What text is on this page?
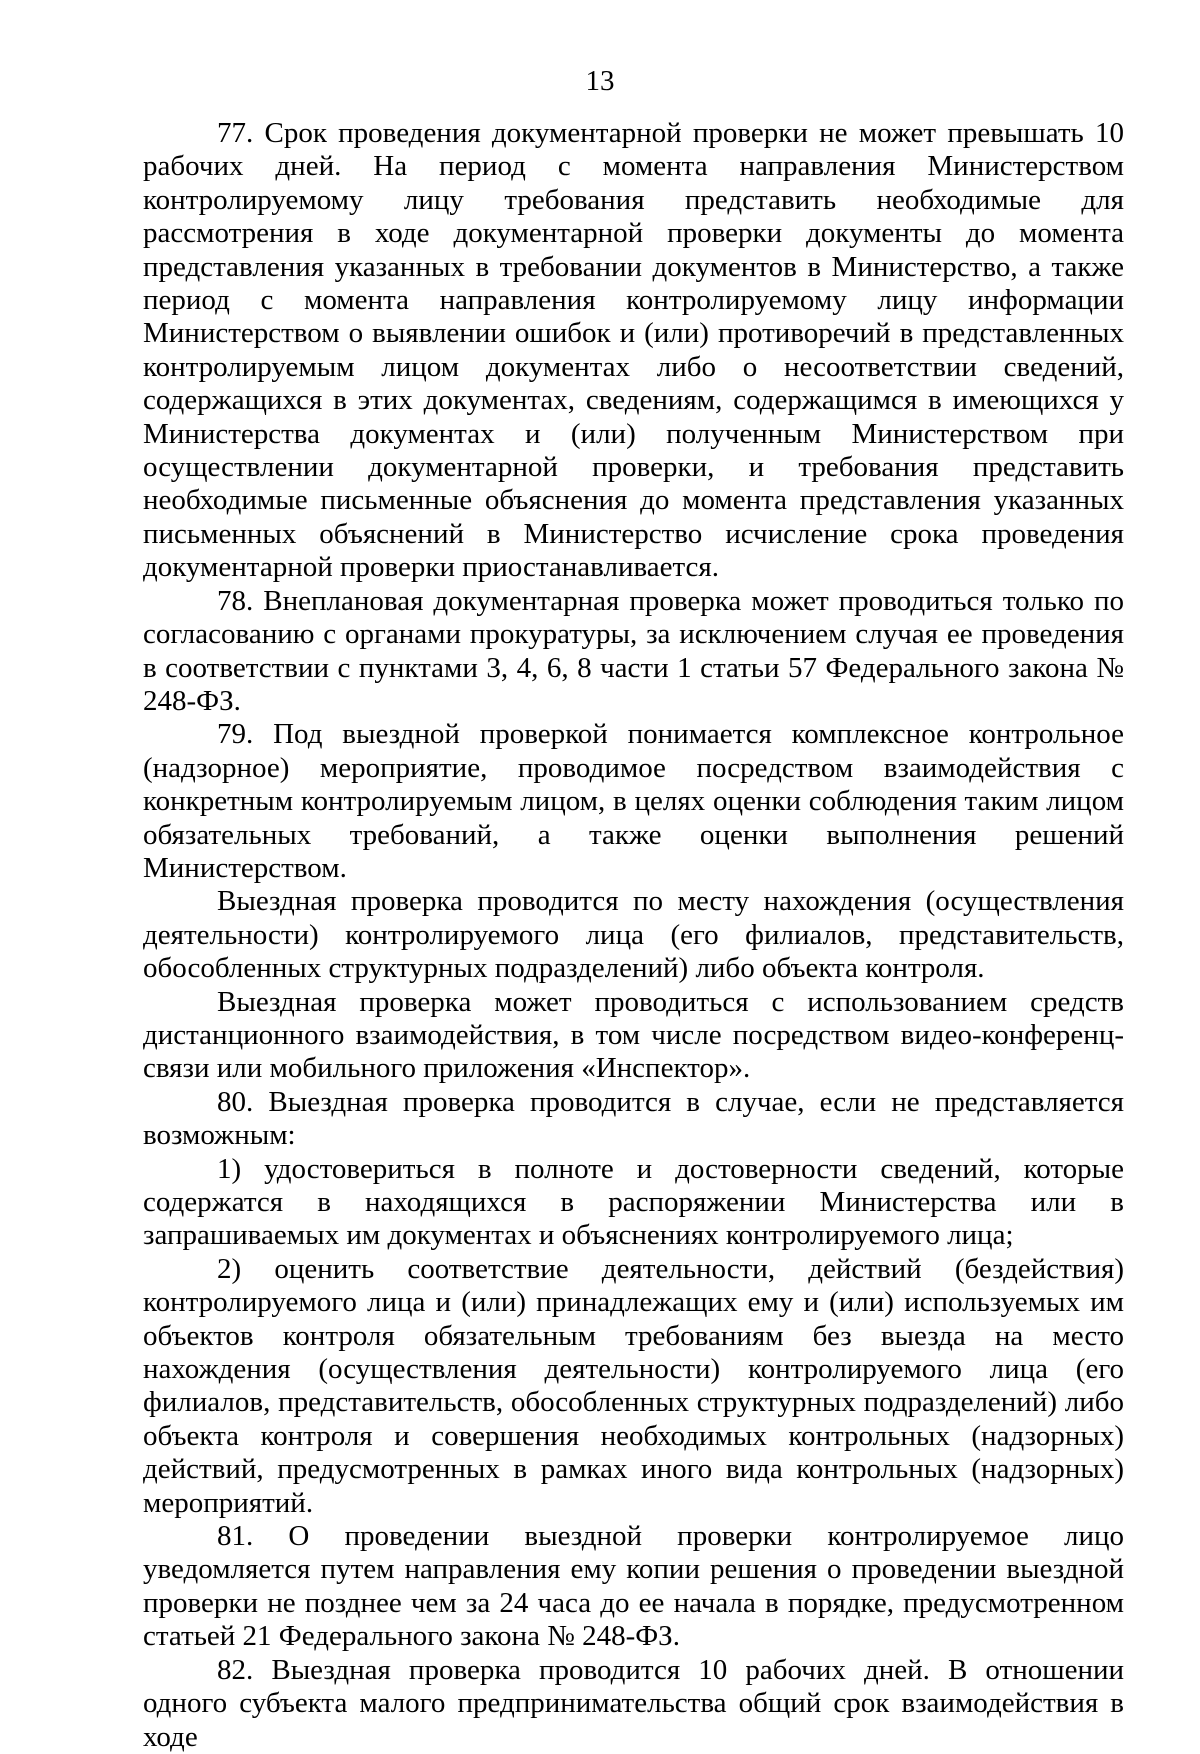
13

77. Срок проведения документарной проверки не может превышать 10 рабочих дней. На период с момента направления Министерством контролируемому лицу требования представить необходимые для рассмотрения в ходе документарной проверки документы до момента представления указанных в требовании документов в Министерство, а также период с момента направления контролируемому лицу информации Министерством о выявлении ошибок и (или) противоречий в представленных контролируемым лицом документах либо о несоответствии сведений, содержащихся в этих документах, сведениям, содержащимся в имеющихся у Министерства документах и (или) полученным Министерством при осуществлении документарной проверки, и требования представить необходимые письменные объяснения до момента представления указанных письменных объяснений в Министерство исчисление срока проведения документарной проверки приостанавливается.

78. Внеплановая документарная проверка может проводиться только по согласованию с органами прокуратуры, за исключением случая ее проведения в соответствии с пунктами 3, 4, 6, 8 части 1 статьи 57 Федерального закона № 248-ФЗ.

79. Под выездной проверкой понимается комплексное контрольное (надзорное) мероприятие, проводимое посредством взаимодействия с конкретным контролируемым лицом, в целях оценки соблюдения таким лицом обязательных требований, а также оценки выполнения решений Министерством.

Выездная проверка проводится по месту нахождения (осуществления деятельности) контролируемого лица (его филиалов, представительств, обособленных структурных подразделений) либо объекта контроля.

Выездная проверка может проводиться с использованием средств дистанционного взаимодействия, в том числе посредством видео-конференц-связи или мобильного приложения «Инспектор».

80. Выездная проверка проводится в случае, если не представляется возможным:

1) удостовериться в полноте и достоверности сведений, которые содержатся в находящихся в распоряжении Министерства или в запрашиваемых им документах и объяснениях контролируемого лица;

2) оценить соответствие деятельности, действий (бездействия) контролируемого лица и (или) принадлежащих ему и (или) используемых им объектов контроля обязательным требованиям без выезда на место нахождения (осуществления деятельности) контролируемого лица (его филиалов, представительств, обособленных структурных подразделений) либо объекта контроля и совершения необходимых контрольных (надзорных) действий, предусмотренных в рамках иного вида контрольных (надзорных) мероприятий.

81. О проведении выездной проверки контролируемое лицо уведомляется путем направления ему копии решения о проведении выездной проверки не позднее чем за 24 часа до ее начала в порядке, предусмотренном статьей 21 Федерального закона № 248-ФЗ.

82. Выездная проверка проводится 10 рабочих дней. В отношении одного субъекта малого предпринимательства общий срок взаимодействия в ходе
